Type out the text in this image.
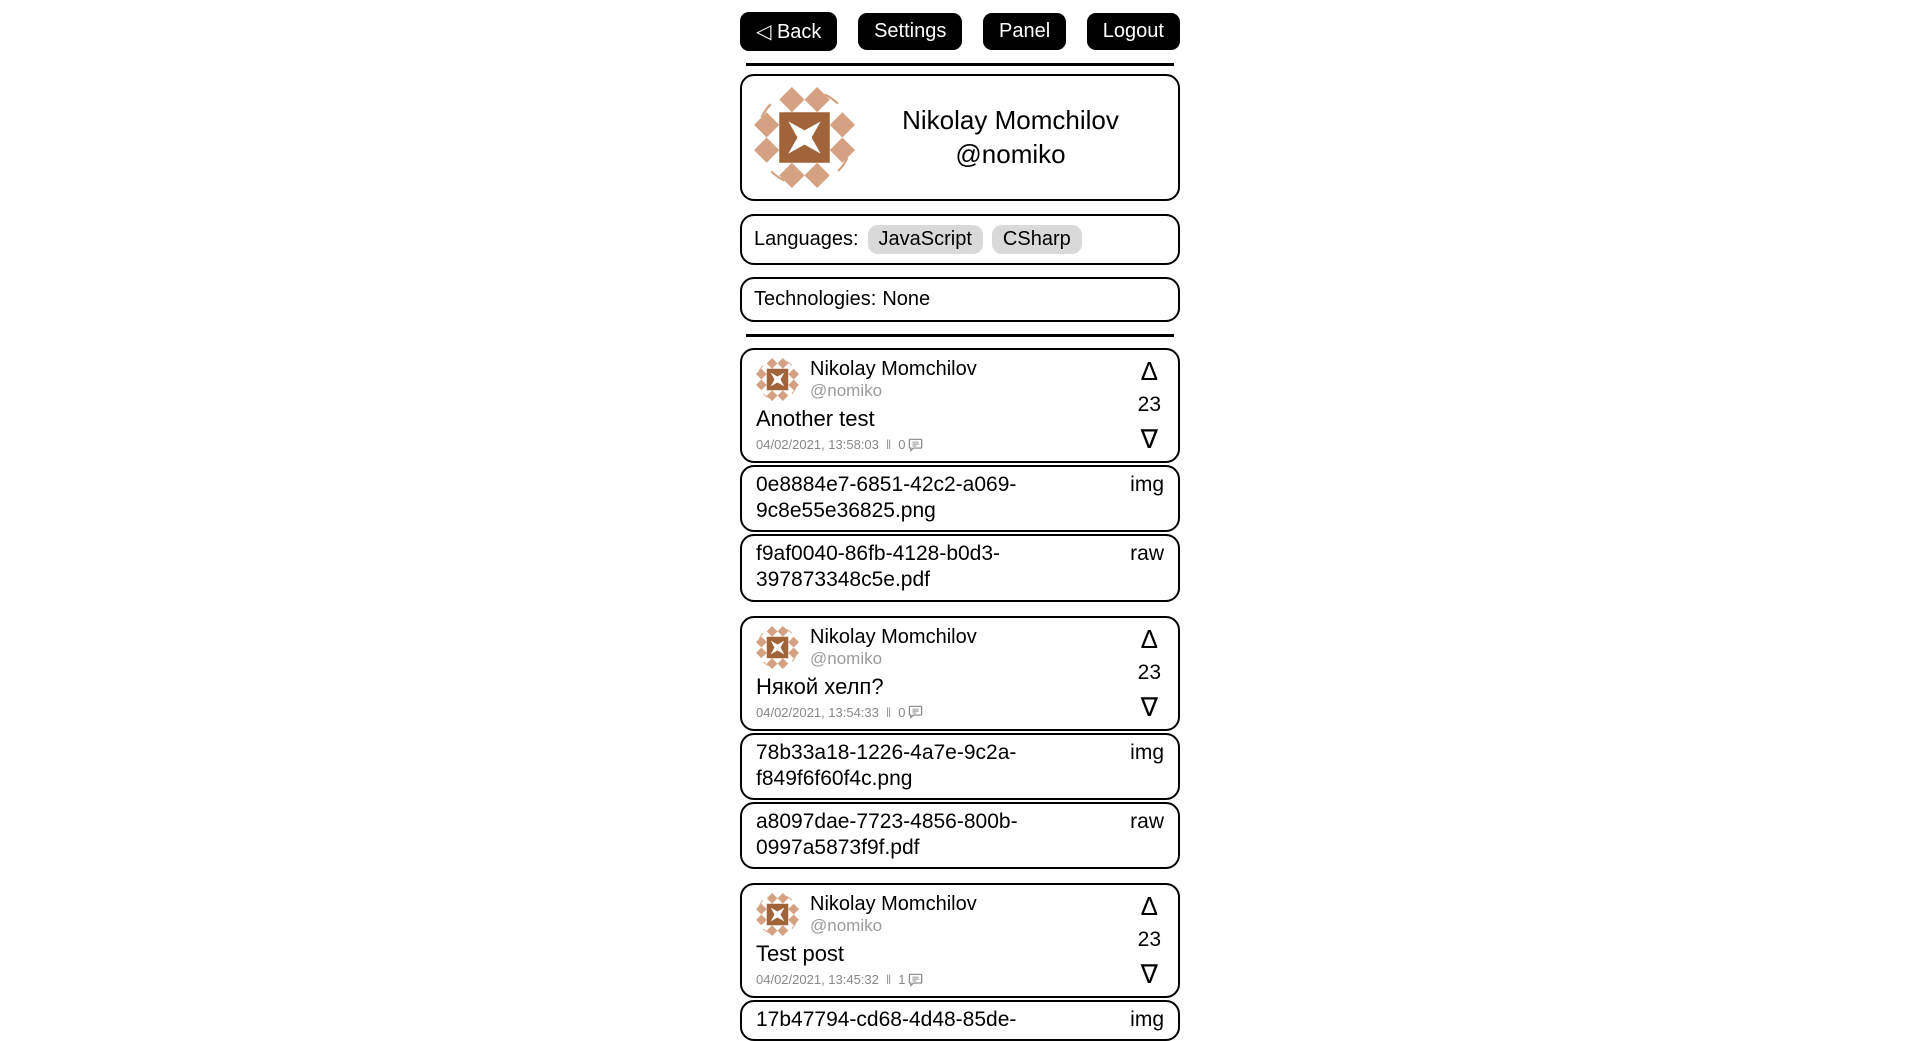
◁ Back	Settings	Panel	Logout
Nikolay Momchilov
@nomiko
Languages:	JavaScript	CSharp
Technologies: None
Nikolay Momchilov
@nomiko
Another test
04/02/2021, 13:58:03 ‖ 0
Δ
23
∇
0e8884e7-6851-42c2-a069-9c8e55e36825.png
img
f9af0040-86fb-4128-b0d3-397873348c5e.pdf
raw
Nikolay Momchilov
@nomiko
Някой хелп?
04/02/2021, 13:54:33 ‖ 0
Δ
23
∇
78b33a18-1226-4a7e-9c2a-f849f6f60f4c.png
img
a8097dae-7723-4856-800b-0997a5873f9f.pdf
raw
Nikolay Momchilov
@nomiko
Test post
04/02/2021, 13:45:32 ‖ 1
Δ
23
∇
17b47794-cd68-4d48-85de-	img
